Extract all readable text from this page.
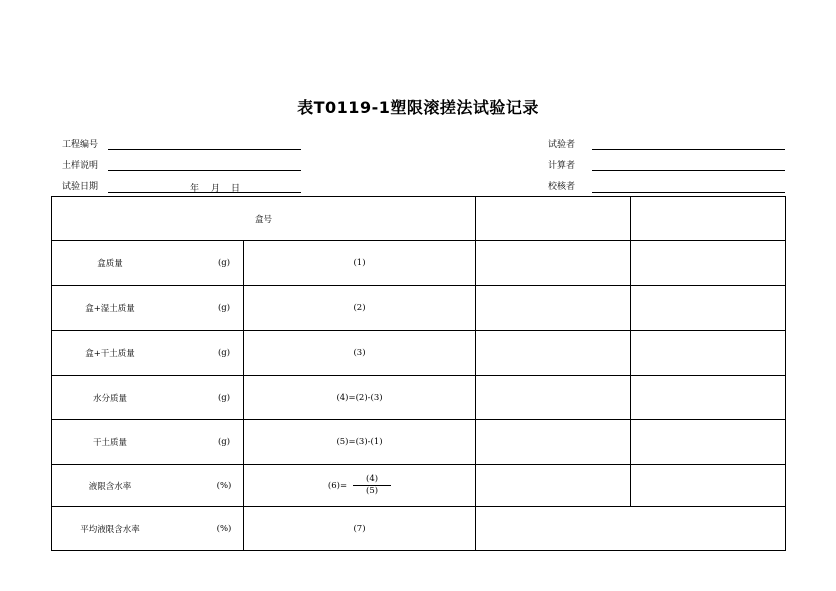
表T0119-1塑限滚搓法试验记录
工程编号
土样说明
试验日期	年 月 日
试验者
计算者
校核者
盒号			

盒质量 (g)	(1)		

盒+湿土质量 (g)	(2)		

盒+干土质量 (g)	(3)		

水分质量 (g)	(4)=(2)-(3)		

干土质量 (g)	(5)=(3)-(1)		

液限含水率 (%)	$(6)= \frac{(4)}{(5)}$

平均液限含水率 (%)	(7)		
